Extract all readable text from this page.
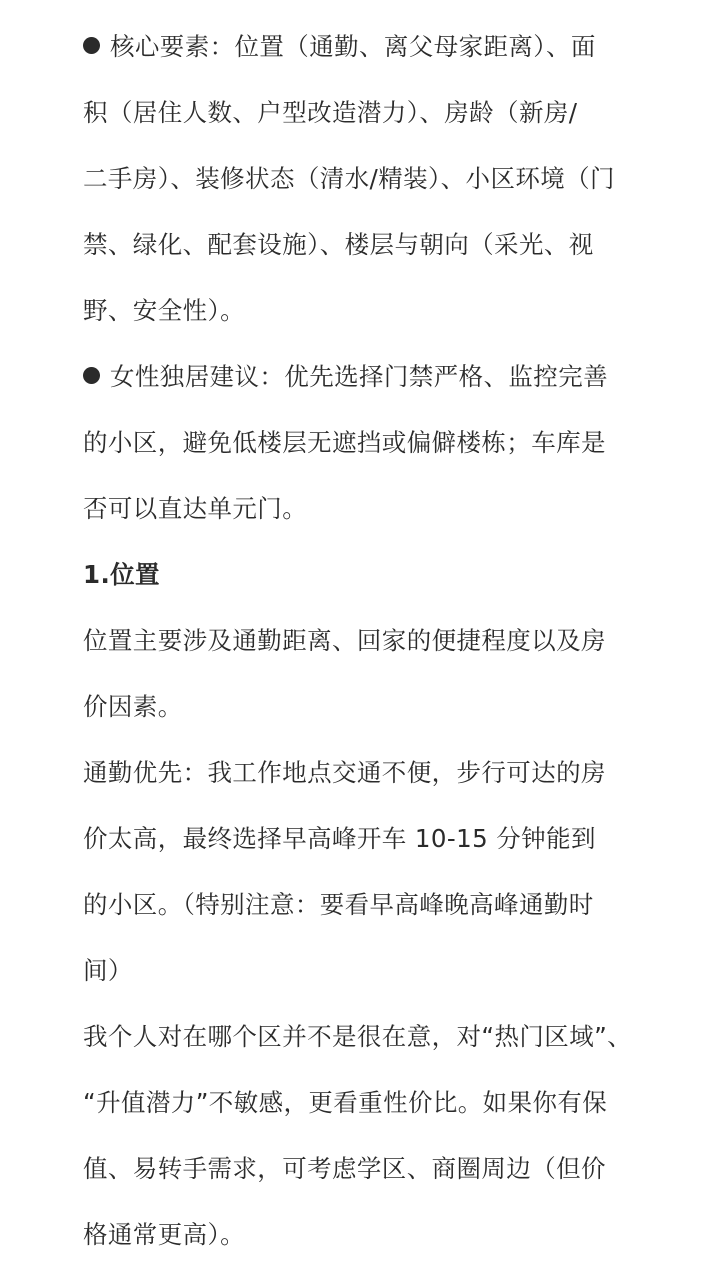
核心要素：位置（通勤、离父母家距离）、面
积（居住人数、户型改造潜力）、房龄（新房/
二手房）、装修状态（清水/精装）、小区环境（门
禁、绿化、配套设施）、楼层与朝向（采光、视
野、安全性）。

女性独居建议：优先选择门禁严格、监控完善
的小区，避免低楼层无遮挡或偏僻楼栋；车库是
否可以直达单元门。

1.位置

位置主要涉及通勤距离、回家的便捷程度以及房
价因素。

通勤优先：我工作地点交通不便，步行可达的房
价太高，最终选择早高峰开车 10-15 分钟能到
的小区。（特别注意：要看早高峰晚高峰通勤时
间）

我个人对在哪个区并不是很在意，对“热门区域”、
“升值潜力”不敏感，更看重性价比。如果你有保
值、易转手需求，可考虑学区、商圈周边（但价
格通常更高）。
